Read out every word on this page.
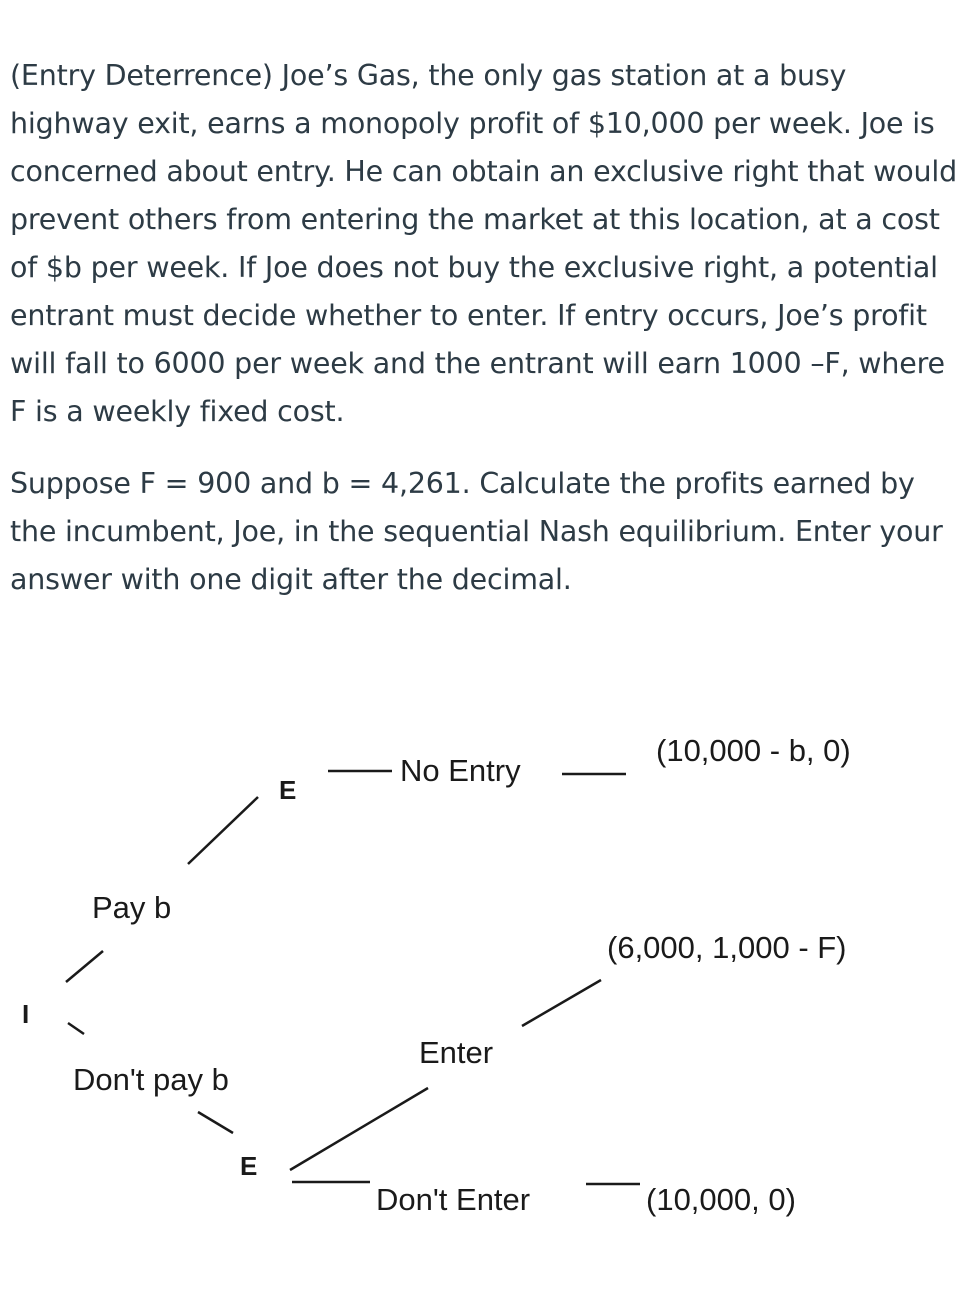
(Entry Deterrence) Joe’s Gas, the only gas station at a busy highway exit, earns a monopoly profit of $10,000 per week. Joe is concerned about entry. He can obtain an exclusive right that would prevent others from entering the market at this location, at a cost of $b per week. If Joe does not buy the exclusive right, a potential entrant must decide whether to enter. If entry occurs, Joe’s profit will fall to 6000 per week and the entrant will earn 1000 –F, where F is a weekly fixed cost.

Suppose F = 900 and b = 4,261. Calculate the profits earned by the incumbent, Joe, in the sequential Nash equilibrium. Enter your answer with one digit after the decimal.

I
Pay b
Don't pay b
E
No Entry
(10,000 - b, 0)
E
Enter
(6,000, 1,000 - F)
Don't Enter	(10,000, 0)
